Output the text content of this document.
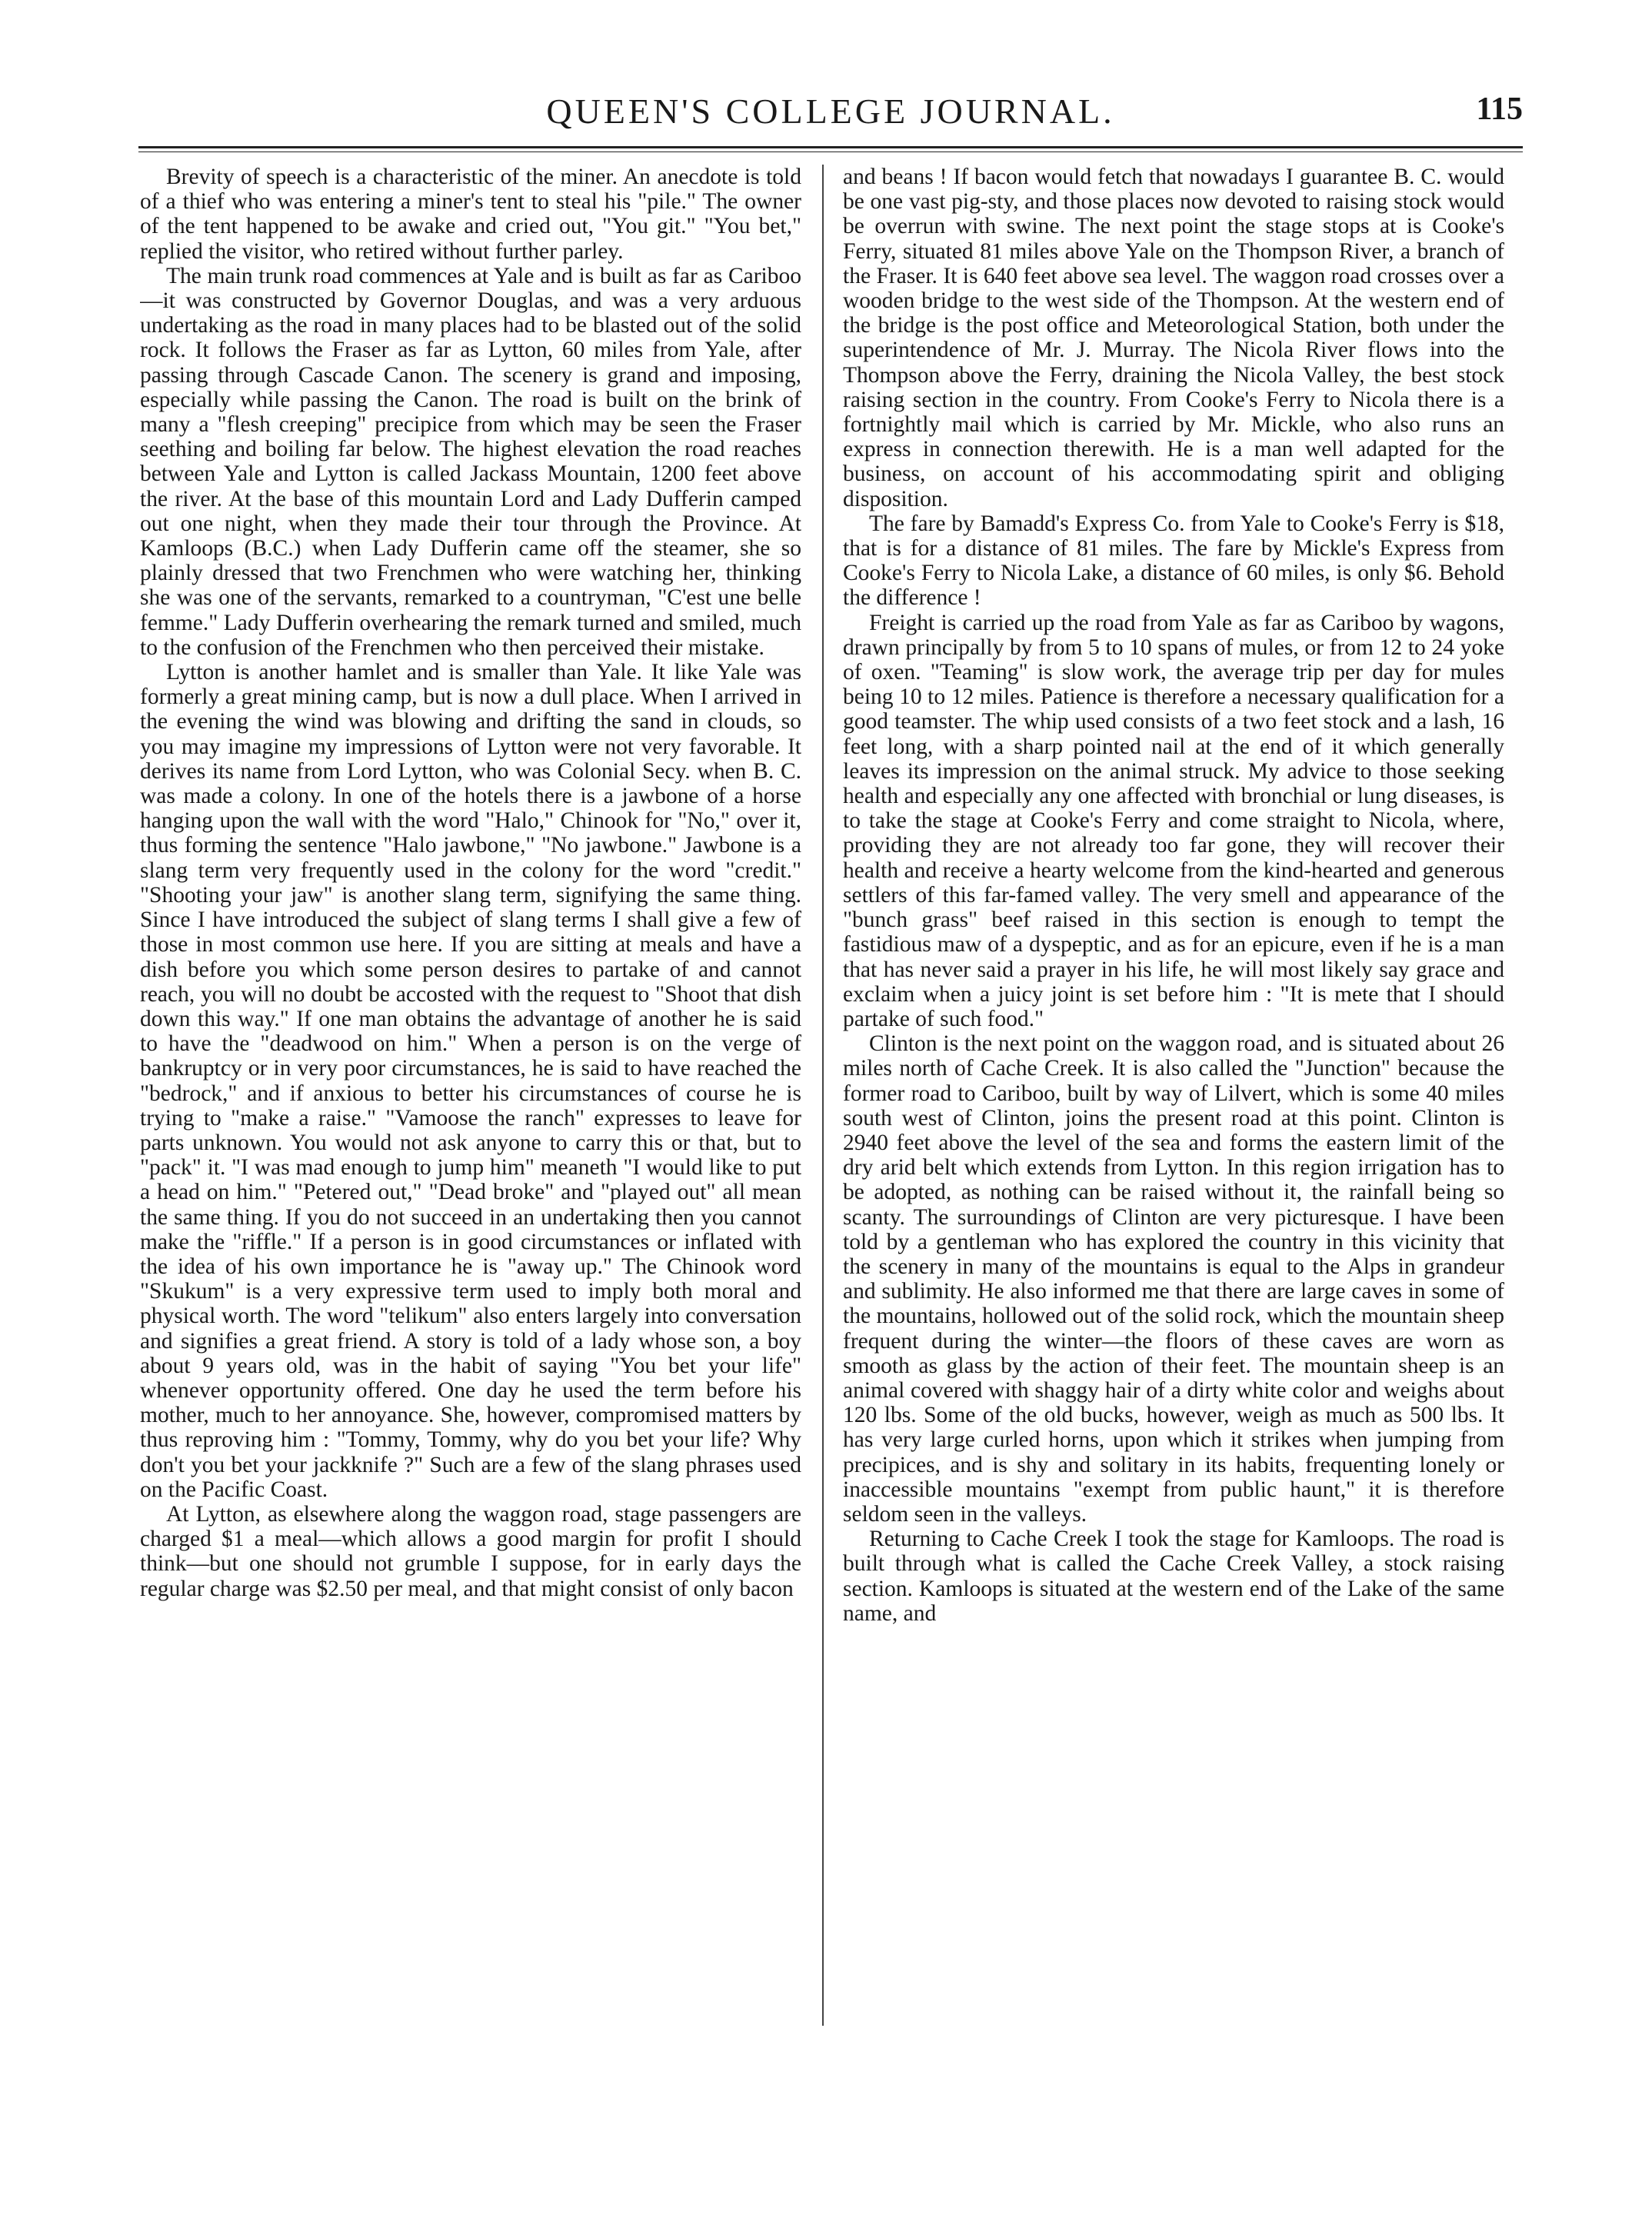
QUEEN'S COLLEGE JOURNAL.	115

Brevity of speech is a characteristic of the miner. An anecdote is told of a thief who was entering a miner's tent to steal his "pile." The owner of the tent happened to be awake and cried out, "You git." "You bet," replied the visitor, who retired without further parley.

The main trunk road commences at Yale and is built as far as Cariboo—it was constructed by Governor Douglas, and was a very arduous undertaking as the road in many places had to be blasted out of the solid rock. It follows the Fraser as far as Lytton, 60 miles from Yale, after passing through Cascade Canon. The scenery is grand and imposing, especially while passing the Canon. The road is built on the brink of many a "flesh creeping" precipice from which may be seen the Fraser seething and boiling far below. The highest elevation the road reaches between Yale and Lytton is called Jackass Mountain, 1200 feet above the river. At the base of this mountain Lord and Lady Dufferin camped out one night, when they made their tour through the Province. At Kamloops (B.C.) when Lady Dufferin came off the steamer, she so plainly dressed that two Frenchmen who were watching her, thinking she was one of the servants, remarked to a countryman, "C'est une belle femme." Lady Dufferin overhearing the remark turned and smiled, much to the confusion of the Frenchmen who then perceived their mistake.

Lytton is another hamlet and is smaller than Yale. It like Yale was formerly a great mining camp, but is now a dull place. When I arrived in the evening the wind was blowing and drifting the sand in clouds, so you may imagine my impressions of Lytton were not very favorable. It derives its name from Lord Lytton, who was Colonial Secy. when B. C. was made a colony. In one of the hotels there is a jawbone of a horse hanging upon the wall with the word "Halo," Chinook for "No," over it, thus forming the sentence "Halo jawbone," "No jawbone." Jawbone is a slang term very frequently used in the colony for the word "credit." "Shooting your jaw" is another slang term, signifying the same thing. Since I have introduced the subject of slang terms I shall give a few of those in most common use here. If you are sitting at meals and have a dish before you which some person desires to partake of and cannot reach, you will no doubt be accosted with the request to "Shoot that dish down this way." If one man obtains the advantage of another he is said to have the "deadwood on him." When a person is on the verge of bankruptcy or in very poor circumstances, he is said to have reached the "bedrock," and if anxious to better his circumstances of course he is trying to "make a raise." "Vamoose the ranch" expresses to leave for parts unknown. You would not ask anyone to carry this or that, but to "pack" it. "I was mad enough to jump him" meaneth "I would like to put a head on him." "Petered out," "Dead broke" and "played out" all mean the same thing. If you do not succeed in an undertaking then you cannot make the "riffle." If a person is in good circumstances or inflated with the idea of his own importance he is "away up." The Chinook word "Skukum" is a very expressive term used to imply both moral and physical worth. The word "telikum" also enters largely into conversation and signifies a great friend. A story is told of a lady whose son, a boy about 9 years old, was in the habit of saying "You bet your life" whenever opportunity offered. One day he used the term before his mother, much to her annoyance. She, however, compromised matters by thus reproving him : "Tommy, Tommy, why do you bet your life? Why don't you bet your jackknife ?" Such are a few of the slang phrases used on the Pacific Coast.

At Lytton, as elsewhere along the waggon road, stage passengers are charged $1 a meal—which allows a good margin for profit I should think—but one should not grumble I suppose, for in early days the regular charge was $2.50 per meal, and that might consist of only bacon

and beans ! If bacon would fetch that nowadays I guarantee B. C. would be one vast pig-sty, and those places now devoted to raising stock would be overrun with swine. The next point the stage stops at is Cooke's Ferry, situated 81 miles above Yale on the Thompson River, a branch of the Fraser. It is 640 feet above sea level. The waggon road crosses over a wooden bridge to the west side of the Thompson. At the western end of the bridge is the post office and Meteorological Station, both under the superintendence of Mr. J. Murray. The Nicola River flows into the Thompson above the Ferry, draining the Nicola Valley, the best stock raising section in the country. From Cooke's Ferry to Nicola there is a fortnightly mail which is carried by Mr. Mickle, who also runs an express in connection therewith. He is a man well adapted for the business, on account of his accommodating spirit and obliging disposition.

The fare by Bamadd's Express Co. from Yale to Cooke's Ferry is $18, that is for a distance of 81 miles. The fare by Mickle's Express from Cooke's Ferry to Nicola Lake, a distance of 60 miles, is only $6. Behold the difference !

Freight is carried up the road from Yale as far as Cariboo by wagons, drawn principally by from 5 to 10 spans of mules, or from 12 to 24 yoke of oxen. "Teaming" is slow work, the average trip per day for mules being 10 to 12 miles. Patience is therefore a necessary qualification for a good teamster. The whip used consists of a two feet stock and a lash, 16 feet long, with a sharp pointed nail at the end of it which generally leaves its impression on the animal struck. My advice to those seeking health and especially any one affected with bronchial or lung diseases, is to take the stage at Cooke's Ferry and come straight to Nicola, where, providing they are not already too far gone, they will recover their health and receive a hearty welcome from the kind-hearted and generous settlers of this far-famed valley. The very smell and appearance of the "bunch grass" beef raised in this section is enough to tempt the fastidious maw of a dyspeptic, and as for an epicure, even if he is a man that has never said a prayer in his life, he will most likely say grace and exclaim when a juicy joint is set before him : "It is mete that I should partake of such food."

Clinton is the next point on the waggon road, and is situated about 26 miles north of Cache Creek. It is also called the "Junction" because the former road to Cariboo, built by way of Lilvert, which is some 40 miles south west of Clinton, joins the present road at this point. Clinton is 2940 feet above the level of the sea and forms the eastern limit of the dry arid belt which extends from Lytton. In this region irrigation has to be adopted, as nothing can be raised without it, the rainfall being so scanty. The surroundings of Clinton are very picturesque. I have been told by a gentleman who has explored the country in this vicinity that the scenery in many of the mountains is equal to the Alps in grandeur and sublimity. He also informed me that there are large caves in some of the mountains, hollowed out of the solid rock, which the mountain sheep frequent during the winter—the floors of these caves are worn as smooth as glass by the action of their feet. The mountain sheep is an animal covered with shaggy hair of a dirty white color and weighs about 120 lbs. Some of the old bucks, however, weigh as much as 500 lbs. It has very large curled horns, upon which it strikes when jumping from precipices, and is shy and solitary in its habits, frequenting lonely or inaccessible mountains "exempt from public haunt," it is therefore seldom seen in the valleys.

Returning to Cache Creek I took the stage for Kamloops. The road is built through what is called the Cache Creek Valley, a stock raising section. Kamloops is situated at the western end of the Lake of the same name, and
